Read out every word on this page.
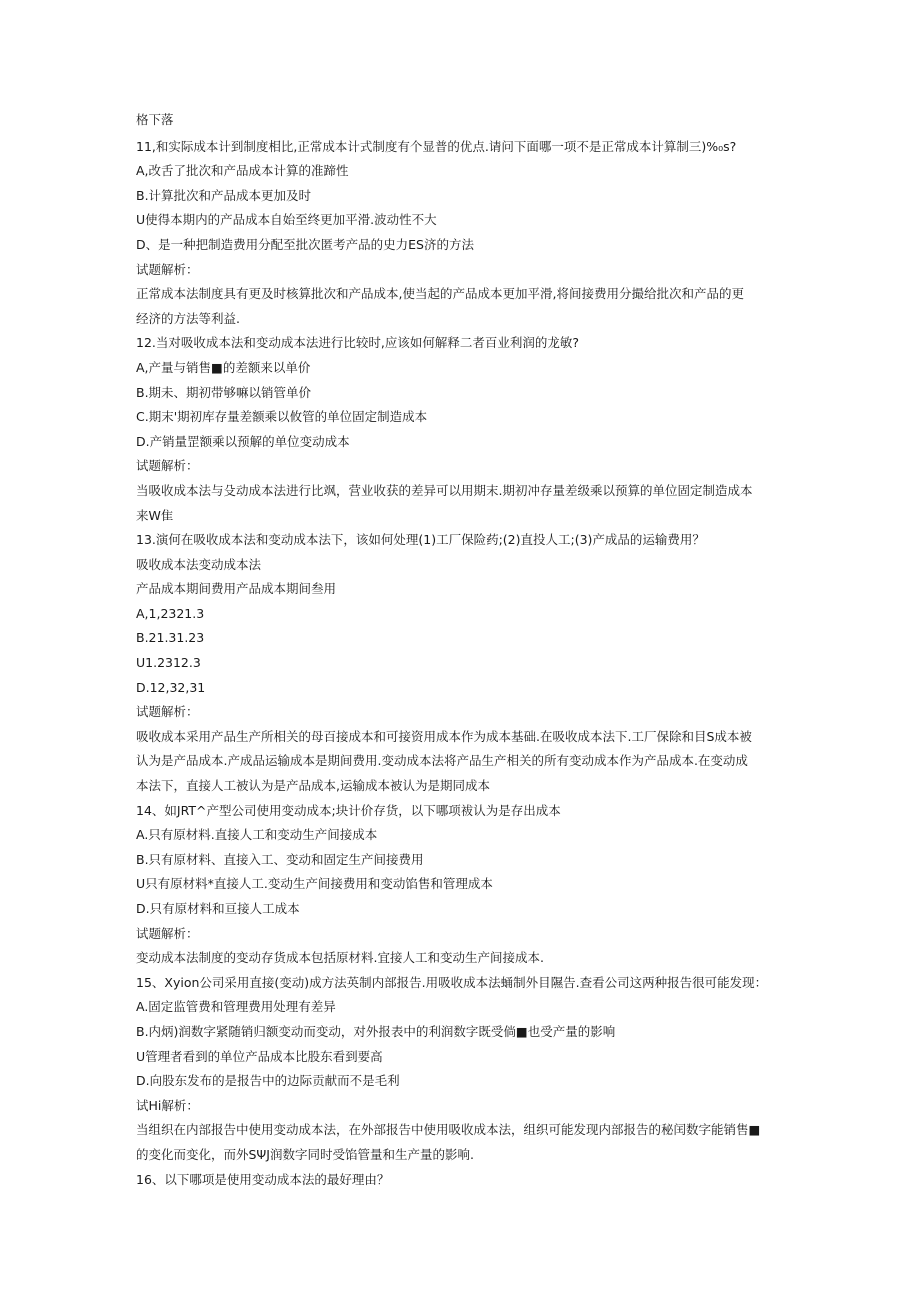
格下落
11,和实际成本计到制度相比,正常成本计式制度有个显普的优点.请问下面哪一项不是正常成本计算制三)%₀s?
A,改舌了批次和产品成本计算的准蹄性
B.计算批次和产品成本更加及时
U使得本期内的产品成本自始至终更加平滑.波动性不大
D、是一种把制造费用分配至批次匿考产品的史力ES济的方法
试题解析：
正常成本法制度具有更及时核算批次和产品成本,使当起的产品成本更加平滑,将间接费用分撮给批次和产品的更
经济的方法等利益.
12.当对吸收成本法和变动成本法进行比较时,应该如何解释二者百业利润的龙敏?
A,产量与销售■的差额来以单价
B.期未、期初带够嘛以销管单价
C.期末'期初库存量差额乘以攸管的单位固定制造成本
D.产销量罡额乘以预解的单位变动成本
试题解析：
当吸收成本法与殳动成本法进行比飒，营业收获的差异可以用期末.期初冲存量差级乘以预算的单位固定制造成本
来W隹
13.演何在吸收成本法和变动成本法下，该如何处理(1)工厂保险药;(2)直投人工;(3)产成品的运输费用？
吸收成本法变动成本法
产品成本期间费用产品成本期间叁用
A,1,2321.3
B.21.31.23
U1.2312.3
D.12,32,31
试题解析：
吸收成本采用产品生产所相关的母百接成本和可接资用成本作为成本基础.在吸收成本法下.工厂保除和目S成本被
认为是产品成本.产成品运输成本是期间费用.变动成本法将产品生产相关的所有变动成本作为产品成本.在变动成
本法下，直接人工被认为是产品成本,运输成本被认为是期同成本
14、如JRT^产型公司使用变动成本;块计价存货，以下哪项袚认为是存出成本
A.只有原材料.直接人工和变动生产间接成本
B.只有原材料、直接入工、变动和固定生产间接费用
U只有原材料*直接人工.变动生产间接费用和变动馅售和管理成本
D.只有原材料和亘接人工成本
试题解析：
变动成本法制度的变动存货成本包括原材料.宜接人工和变动生产间接成本.
15、Xyion公司采用直接(变动)成方法英制内部报告.用吸收成本法蛹制外目隰告.查看公司这两种报告很可能发现：
A.固定监管费和管理费用处理有差异
B.内炳)润数字紧随销归额变动而变动，对外报表中的利润数字既受倘■也受产量的影响
U管理者看到的单位产品成本比股东看到要高
D.向股东发布的是报告中的边际贡献而不是毛利
试Hi解析：
当组织在内部报告中使用变动成本法，在外部报告中使用吸收成本法，组织可能发现内部报告的秘闰数字能销售■
的变化而变化，而外SΨJ润数字同时受馅管量和生产量的影响.
16、以下哪项是使用变动成本法的最好理由？
